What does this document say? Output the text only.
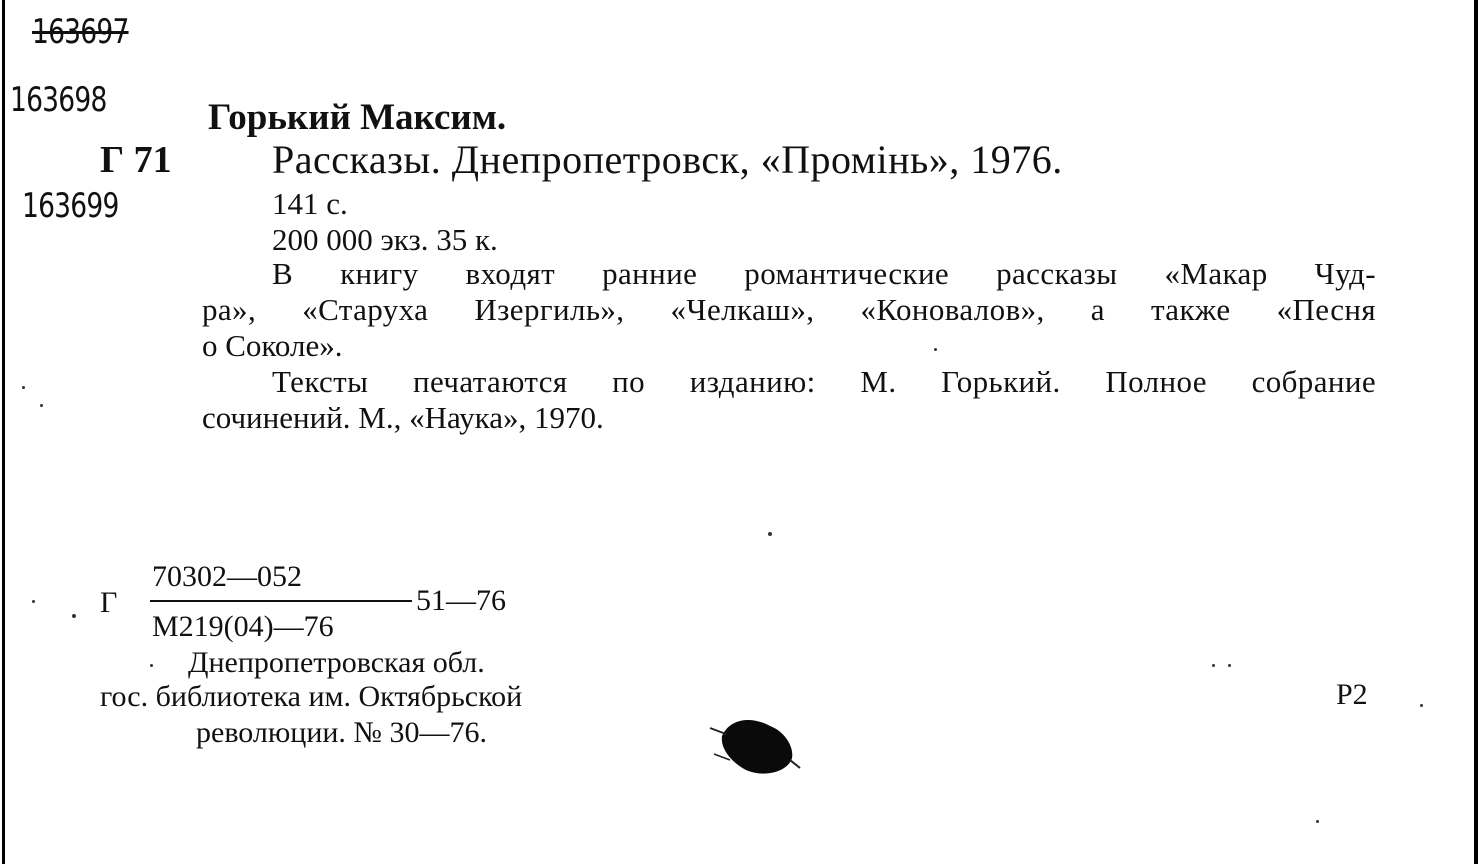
163697
163698
163699
Горький Максим.
Г 71	Рассказы. Днепропетровск, «Промінь», 1976.
141 с.
200 000 экз. 35 к.
В книгу входят ранние романтические рассказы «Макар Чуд-
ра», «Старуха Изергиль», «Челкаш», «Коновалов», а также «Песня
о Соколе».
Тексты печатаются по изданию: М. Горький. Полное собрание
сочинений. М., «Наука», 1970.
Г
70302—052
М219(04)—76
51—76
Днепропетровская обл.
гос. библиотека им. Октябрьской
революции. № 30—76.
Р2
